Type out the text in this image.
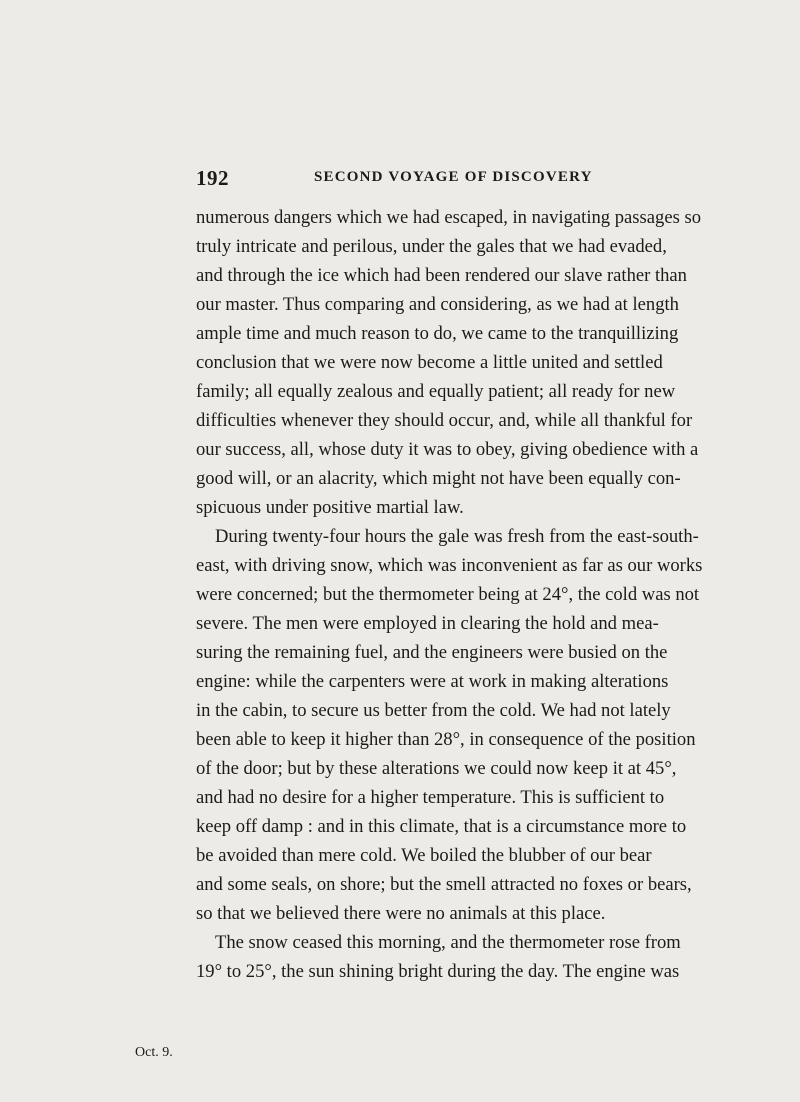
192	SECOND VOYAGE OF DISCOVERY
numerous dangers which we had escaped, in navigating passages so
truly intricate and perilous, under the gales that we had evaded,
and through the ice which had been rendered our slave rather than
our master. Thus comparing and considering, as we had at length
ample time and much reason to do, we came to the tranquillizing
conclusion that we were now become a little united and settled
family; all equally zealous and equally patient; all ready for new
difficulties whenever they should occur, and, while all thankful for
our success, all, whose duty it was to obey, giving obedience with a
good will, or an alacrity, which might not have been equally con-
spicuous under positive martial law.
During twenty-four hours the gale was fresh from the east-south-
east, with driving snow, which was inconvenient as far as our works
were concerned; but the thermometer being at 24°, the cold was not
severe. The men were employed in clearing the hold and mea-
suring the remaining fuel, and the engineers were busied on the
engine: while the carpenters were at work in making alterations
in the cabin, to secure us better from the cold. We had not lately
been able to keep it higher than 28°, in consequence of the position
of the door; but by these alterations we could now keep it at 45°,
and had no desire for a higher temperature. This is sufficient to
keep off damp : and in this climate, that is a circumstance more to
be avoided than mere cold. We boiled the blubber of our bear
and some seals, on shore; but the smell attracted no foxes or bears,
so that we believed there were no animals at this place.
The snow ceased this morning, and the thermometer rose from
19° to 25°, the sun shining bright during the day. The engine was
Oct. 9.
